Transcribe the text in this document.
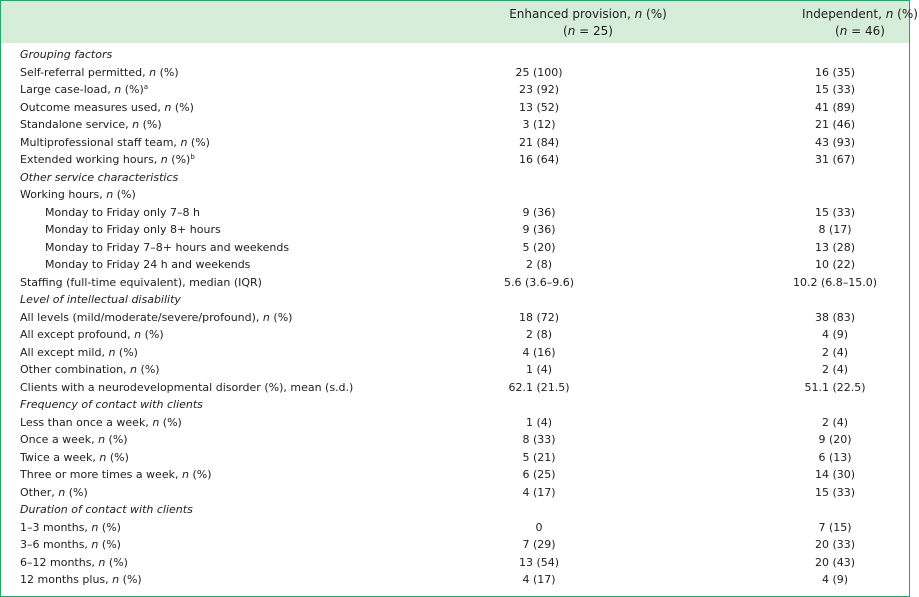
Enhanced provision, n (%)
(n = 25)
Independent, n (%)
(n = 46)
Grouping factors
Self-referral permitted, n (%)	25 (100)	16 (35)
Large case-load, n (%)$^a$	23 (92)	15 (33)
Outcome measures used, n (%)	13 (52)	41 (89)
Standalone service, n (%)	3 (12)	21 (46)
Multiprofessional staff team, n (%)	21 (84)	43 (93)
Extended working hours, n (%)$^b$	16 (64)	31 (67)
Other service characteristics
Working hours, n (%)
Monday to Friday only 7–8 h	9 (36)	15 (33)
Monday to Friday only 8+ hours	9 (36)	8 (17)
Monday to Friday 7–8+ hours and weekends	5 (20)	13 (28)
Monday to Friday 24 h and weekends	2 (8)	10 (22)
Staffing (full-time equivalent), median (IQR)	5.6 (3.6–9.6)	10.2 (6.8–15.0)
Level of intellectual disability
All levels (mild/moderate/severe/profound), n (%)	18 (72)	38 (83)
All except profound, n (%)	2 (8)	4 (9)
All except mild, n (%)	4 (16)	2 (4)
Other combination, n (%)	1 (4)	2 (4)
Clients with a neurodevelopmental disorder (%), mean (s.d.)	62.1 (21.5)	51.1 (22.5)
Frequency of contact with clients
Less than once a week, n (%)	1 (4)	2 (4)
Once a week, n (%)	8 (33)	9 (20)
Twice a week, n (%)	5 (21)	6 (13)
Three or more times a week, n (%)	6 (25)	14 (30)
Other, n (%)	4 (17)	15 (33)
Duration of contact with clients
1–3 months, n (%)	0	7 (15)
3–6 months, n (%)	7 (29)	20 (33)
6–12 months, n (%)	13 (54)	20 (43)
12 months plus, n (%)	4 (17)	4 (9)
